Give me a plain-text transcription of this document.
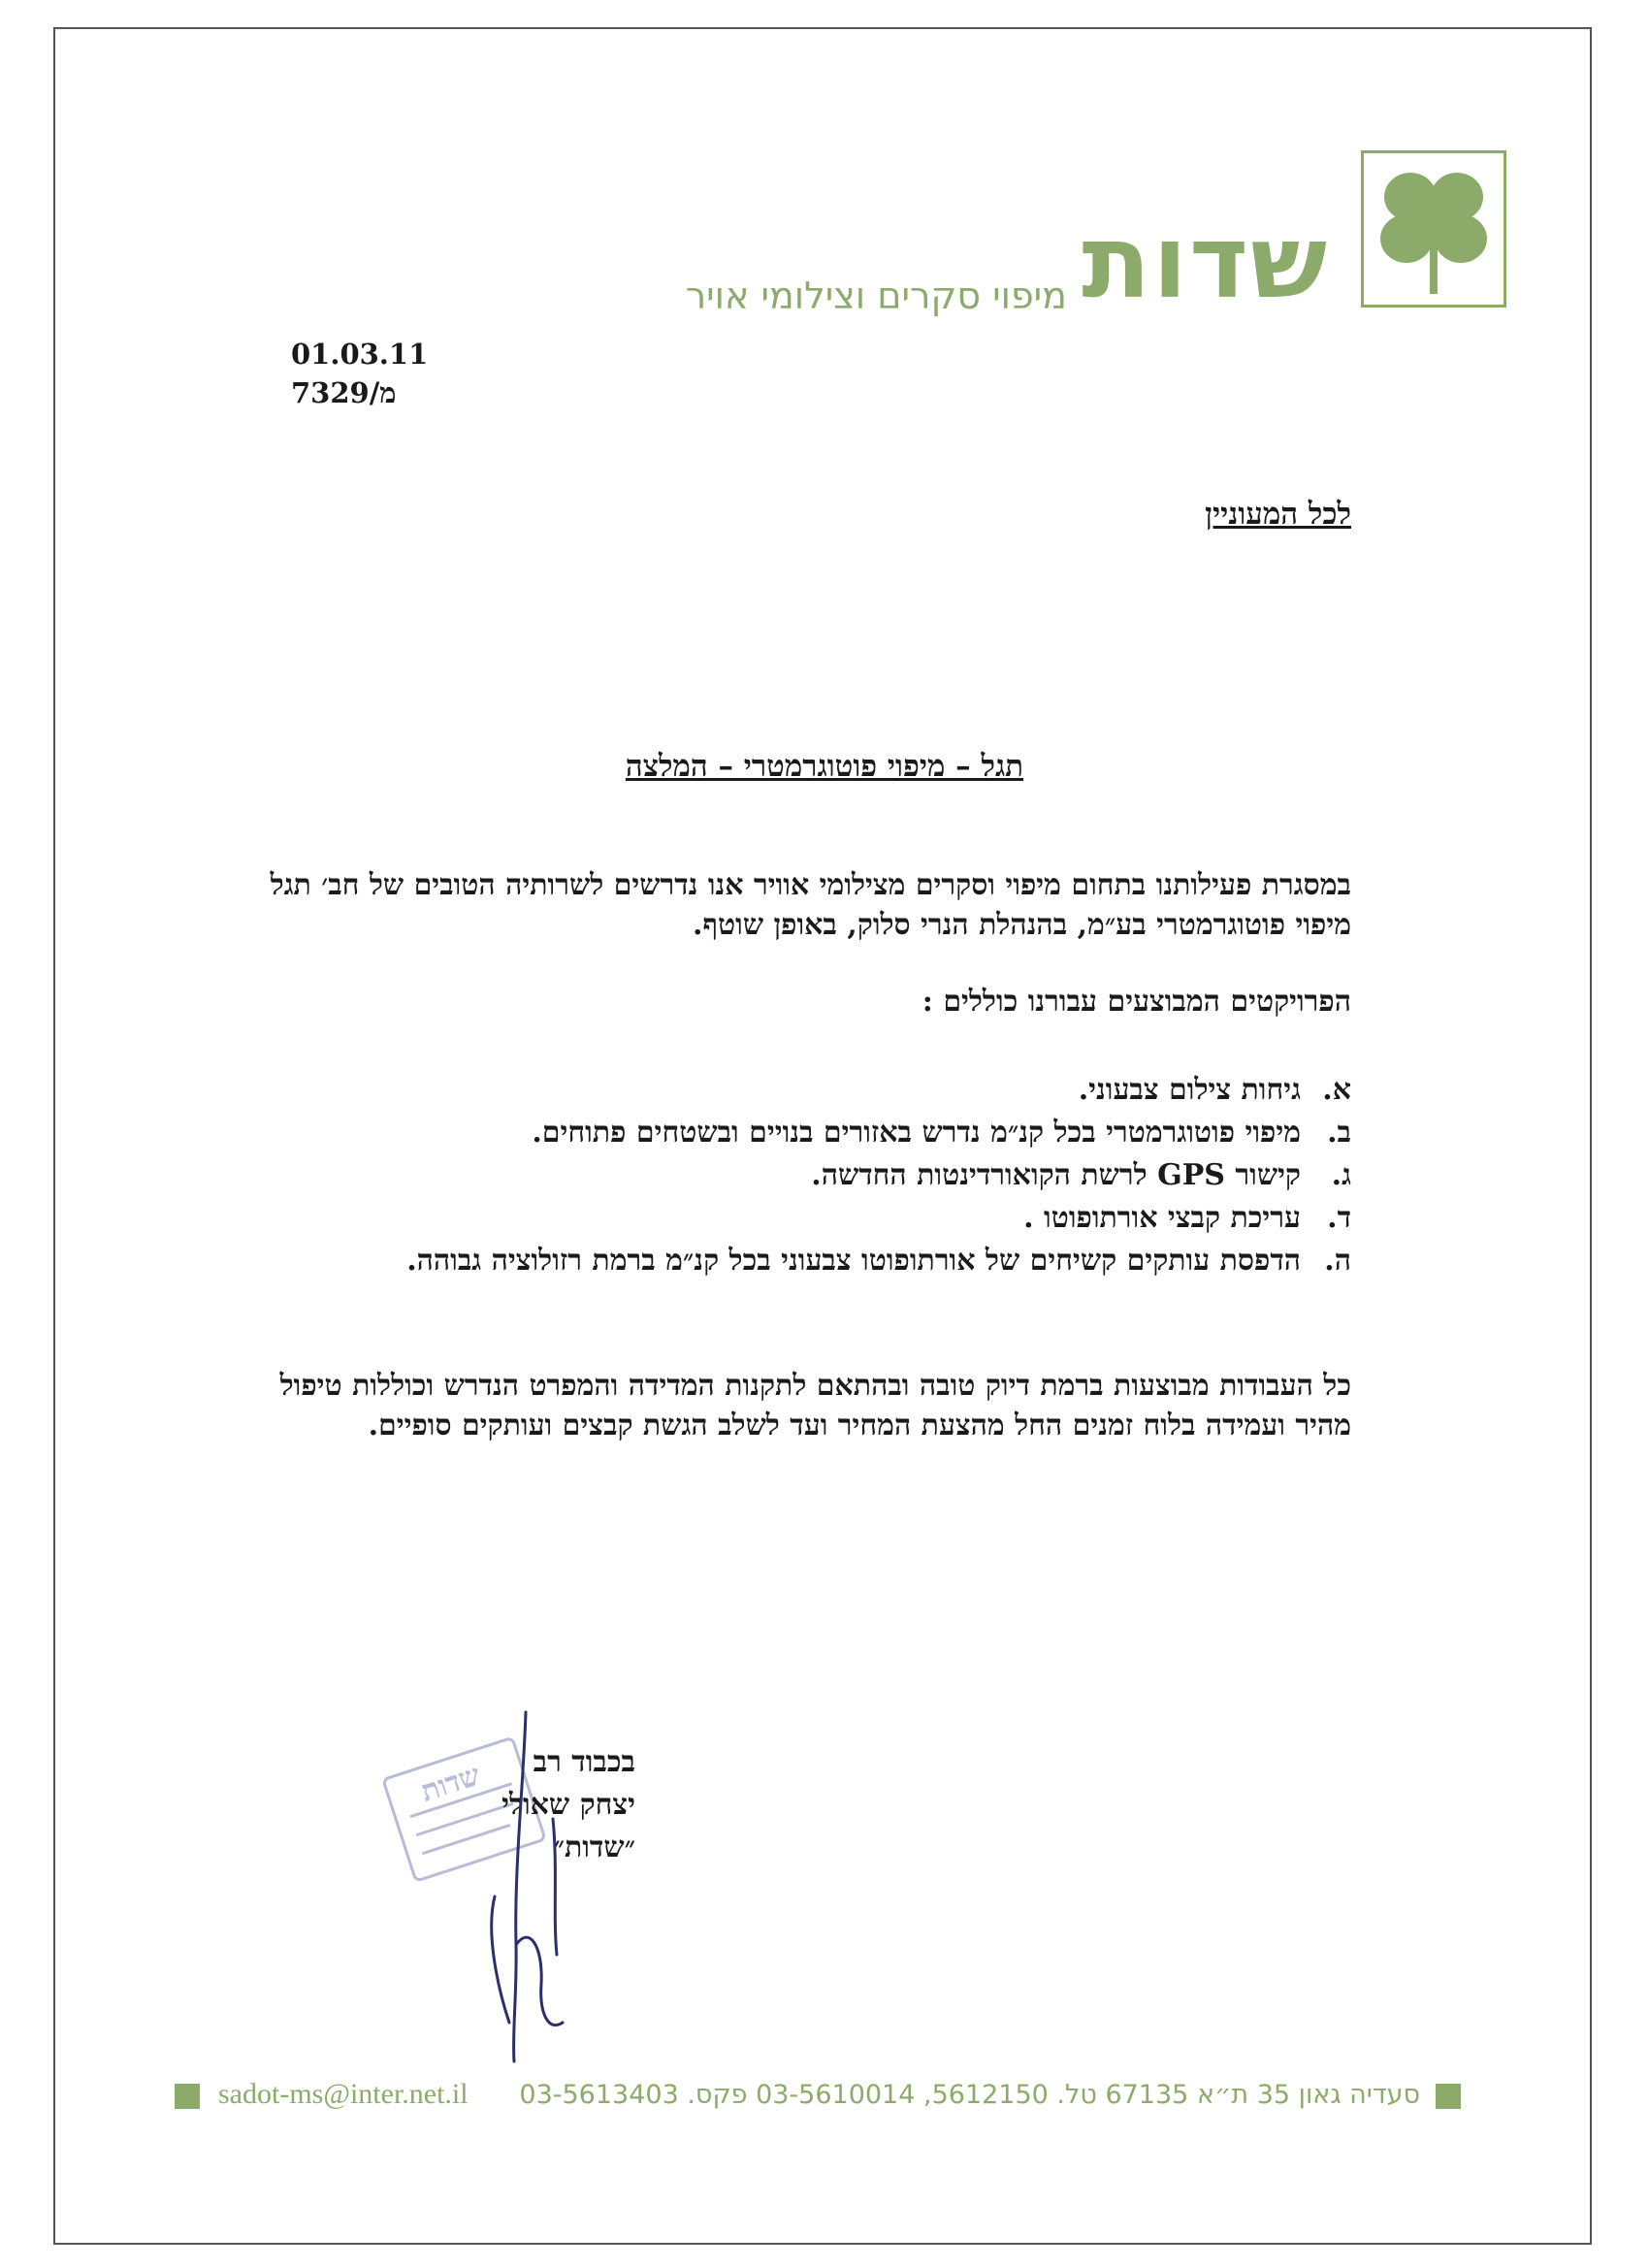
שדות
מיפוי סקרים וצילומי אויר
01.03.11
מ/7329
לכל המעוניין
תגל – מיפוי פוטוגרמטרי – המלצה
במסגרת פעילותנו בתחום מיפוי וסקרים מצילומי אוויר אנו נדרשים לשרותיה הטובים של חב׳ תגל מיפוי פוטוגרמטרי בע״מ, בהנהלת הנרי סלוק, באופן שוטף.
הפרויקטים המבוצעים עבורנו כוללים :
א.
גיחות צילום צבעוני.
ב.
מיפוי פוטוגרמטרי בכל קנ״מ נדרש באזורים בנויים ובשטחים פתוחים.
ג.
קישור GPS לרשת הקואורדינטות החדשה.
ד.
עריכת קבצי אורתופוטו .
ה.
הדפסת עותקים קשיחים של אורתופוטו צבעוני בכל קנ״מ ברמת רזולוציה גבוהה.
כל העבודות מבוצעות ברמת דיוק טובה ובהתאם לתקנות המדידה והמפרט הנדרש וכוללות טיפול מהיר ועמידה בלוח זמנים החל מהצעת המחיר ועד לשלב הגשת קבצים ועותקים סופיים.
שדות	בכבוד רב
יצחק שאולי
״שדות״
sadot-ms@inter.net.il סעדיה גאון 35 ת״א 67135 טל. 5612150, 03-5610014 פקס. 03-5613403
